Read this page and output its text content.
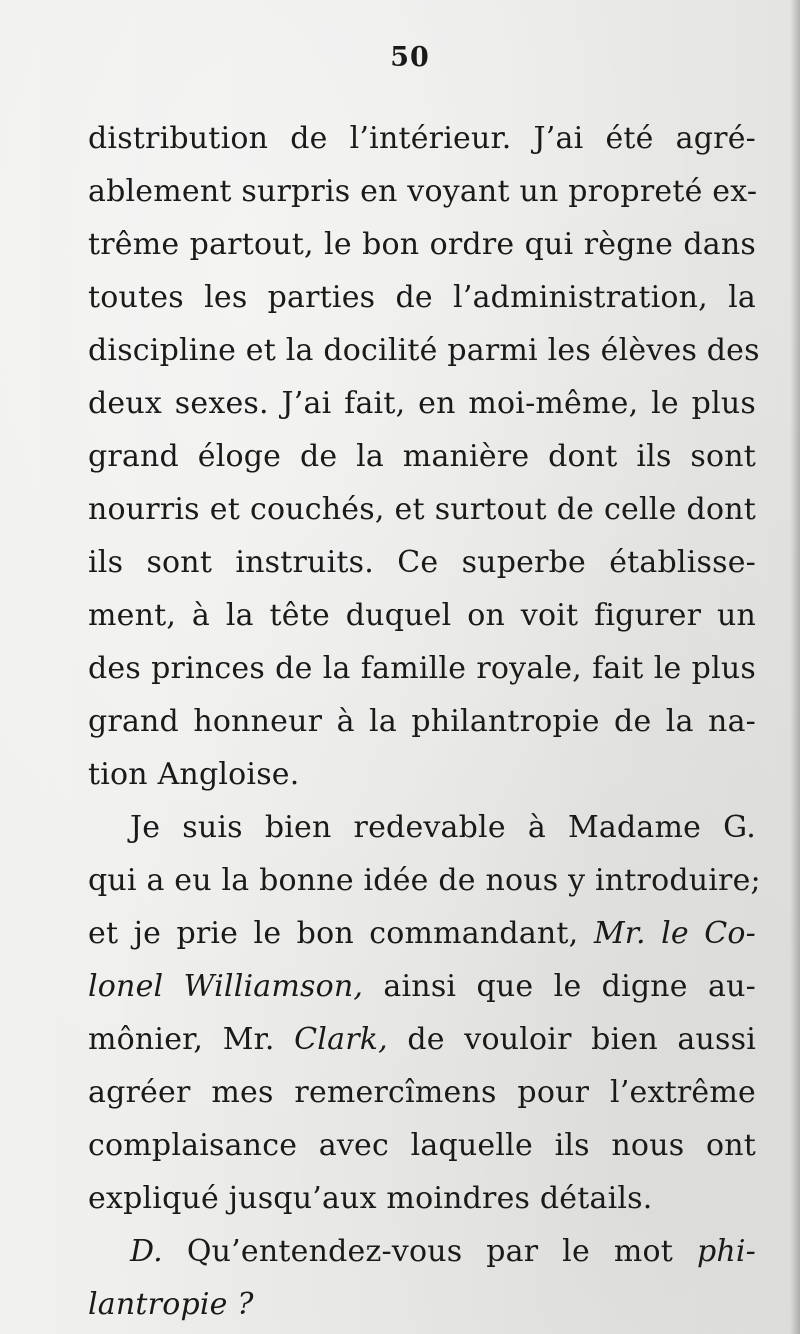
50
distribution de l’intérieur. J’ai été agré-
ablement surpris en voyant un propreté ex-
trême partout, le bon ordre qui règne dans
toutes les parties de l’administration, la
discipline et la docilité parmi les élèves des
deux sexes. J’ai fait, en moi-même, le plus
grand éloge de la manière dont ils sont
nourris et couchés, et surtout de celle dont
ils sont instruits. Ce superbe établisse-
ment, à la tête duquel on voit figurer un
des princes de la famille royale, fait le plus
grand honneur à la philantropie de la na-
tion Angloise.
Je suis bien redevable à Madame G.
qui a eu la bonne idée de nous y introduire;
et je prie le bon commandant, Mr. le Co-
lonel Williamson, ainsi que le digne au-
mônier, Mr. Clark, de vouloir bien aussi
agréer mes remercîmens pour l’extrême
complaisance avec laquelle ils nous ont
expliqué jusqu’aux moindres détails.
D. Qu’entendez-vous par le mot phi-
lantropie ?
